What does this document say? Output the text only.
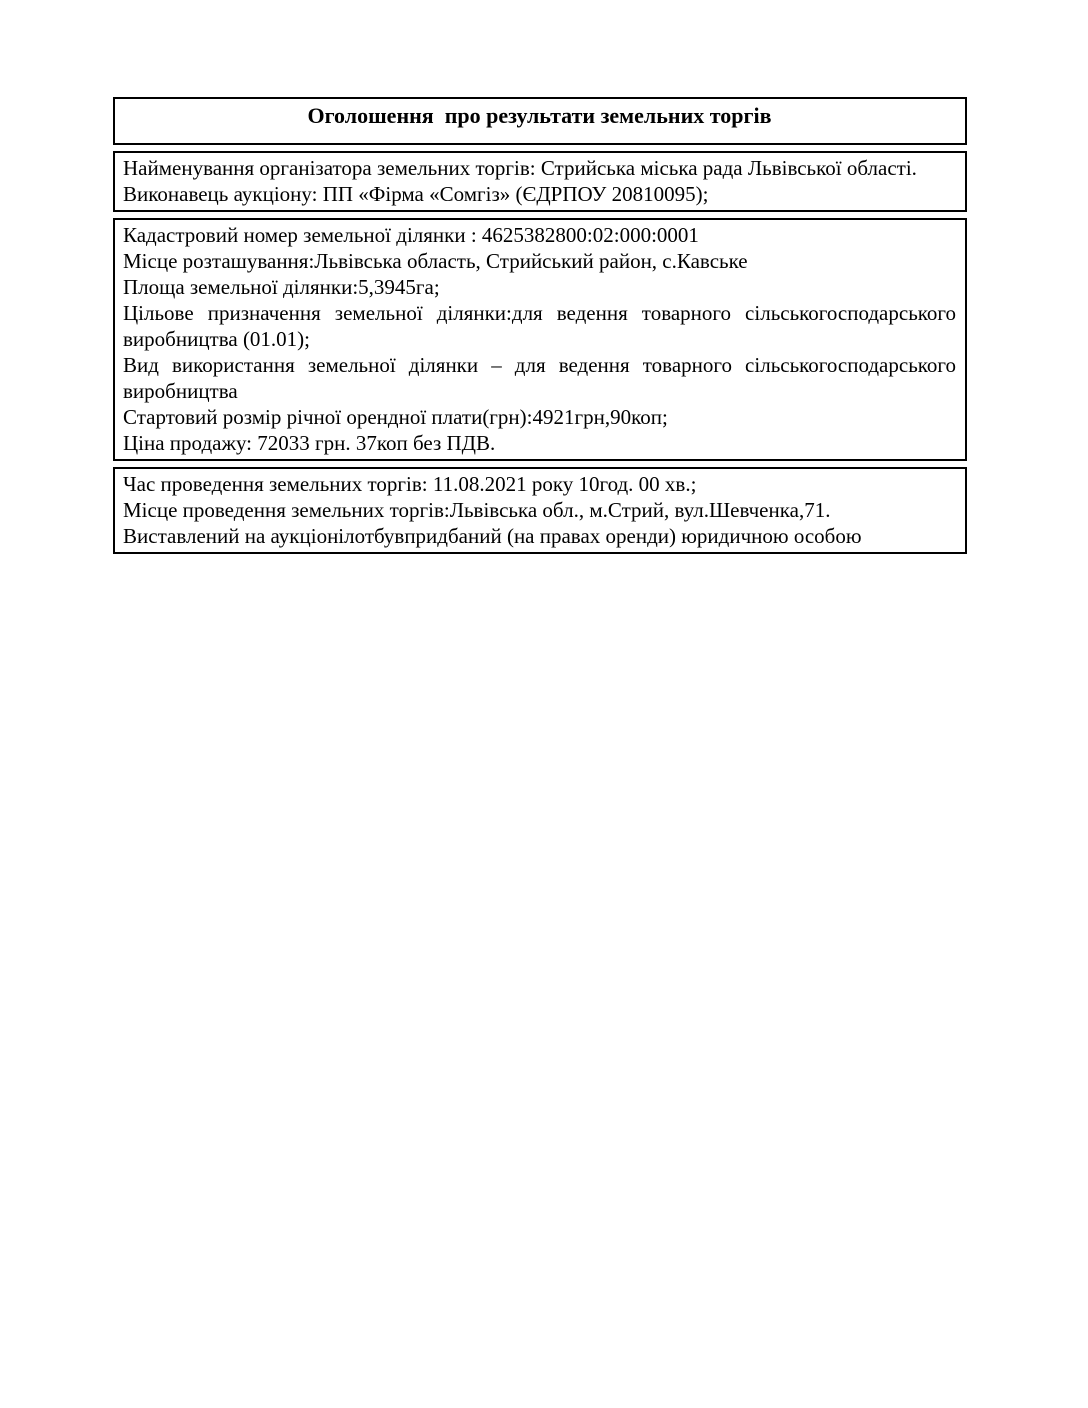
Оголошення  про результати земельних торгів

Найменування організатора земельних торгів: Стрийська міська рада Львівської області.

Виконавець аукціону: ПП «Фірма «Сомгіз» (ЄДРПОУ 20810095);

Кадастровий номер земельної ділянки : 4625382800:02:000:0001

Місце розташування:Львівська область, Стрийський район, с.Кавське

Площа земельної ділянки:5,3945га;

Цільове призначення земельної ділянки:для ведення товарного сільськогосподарського виробництва (01.01);

Вид використання земельної ділянки – для ведення товарного сільськогосподарського виробництва

Стартовий розмір річної орендної плати(грн):4921грн,90коп;

Ціна продажу: 72033 грн. 37коп без ПДВ.

Час проведення земельних торгів: 11.08.2021 року 10год. 00 хв.;

Місце проведення земельних торгів:Львівська обл., м.Стрий, вул.Шевченка,71.

Виставлений на аукціонілотбувпридбаний (на правах оренди) юридичною особою
